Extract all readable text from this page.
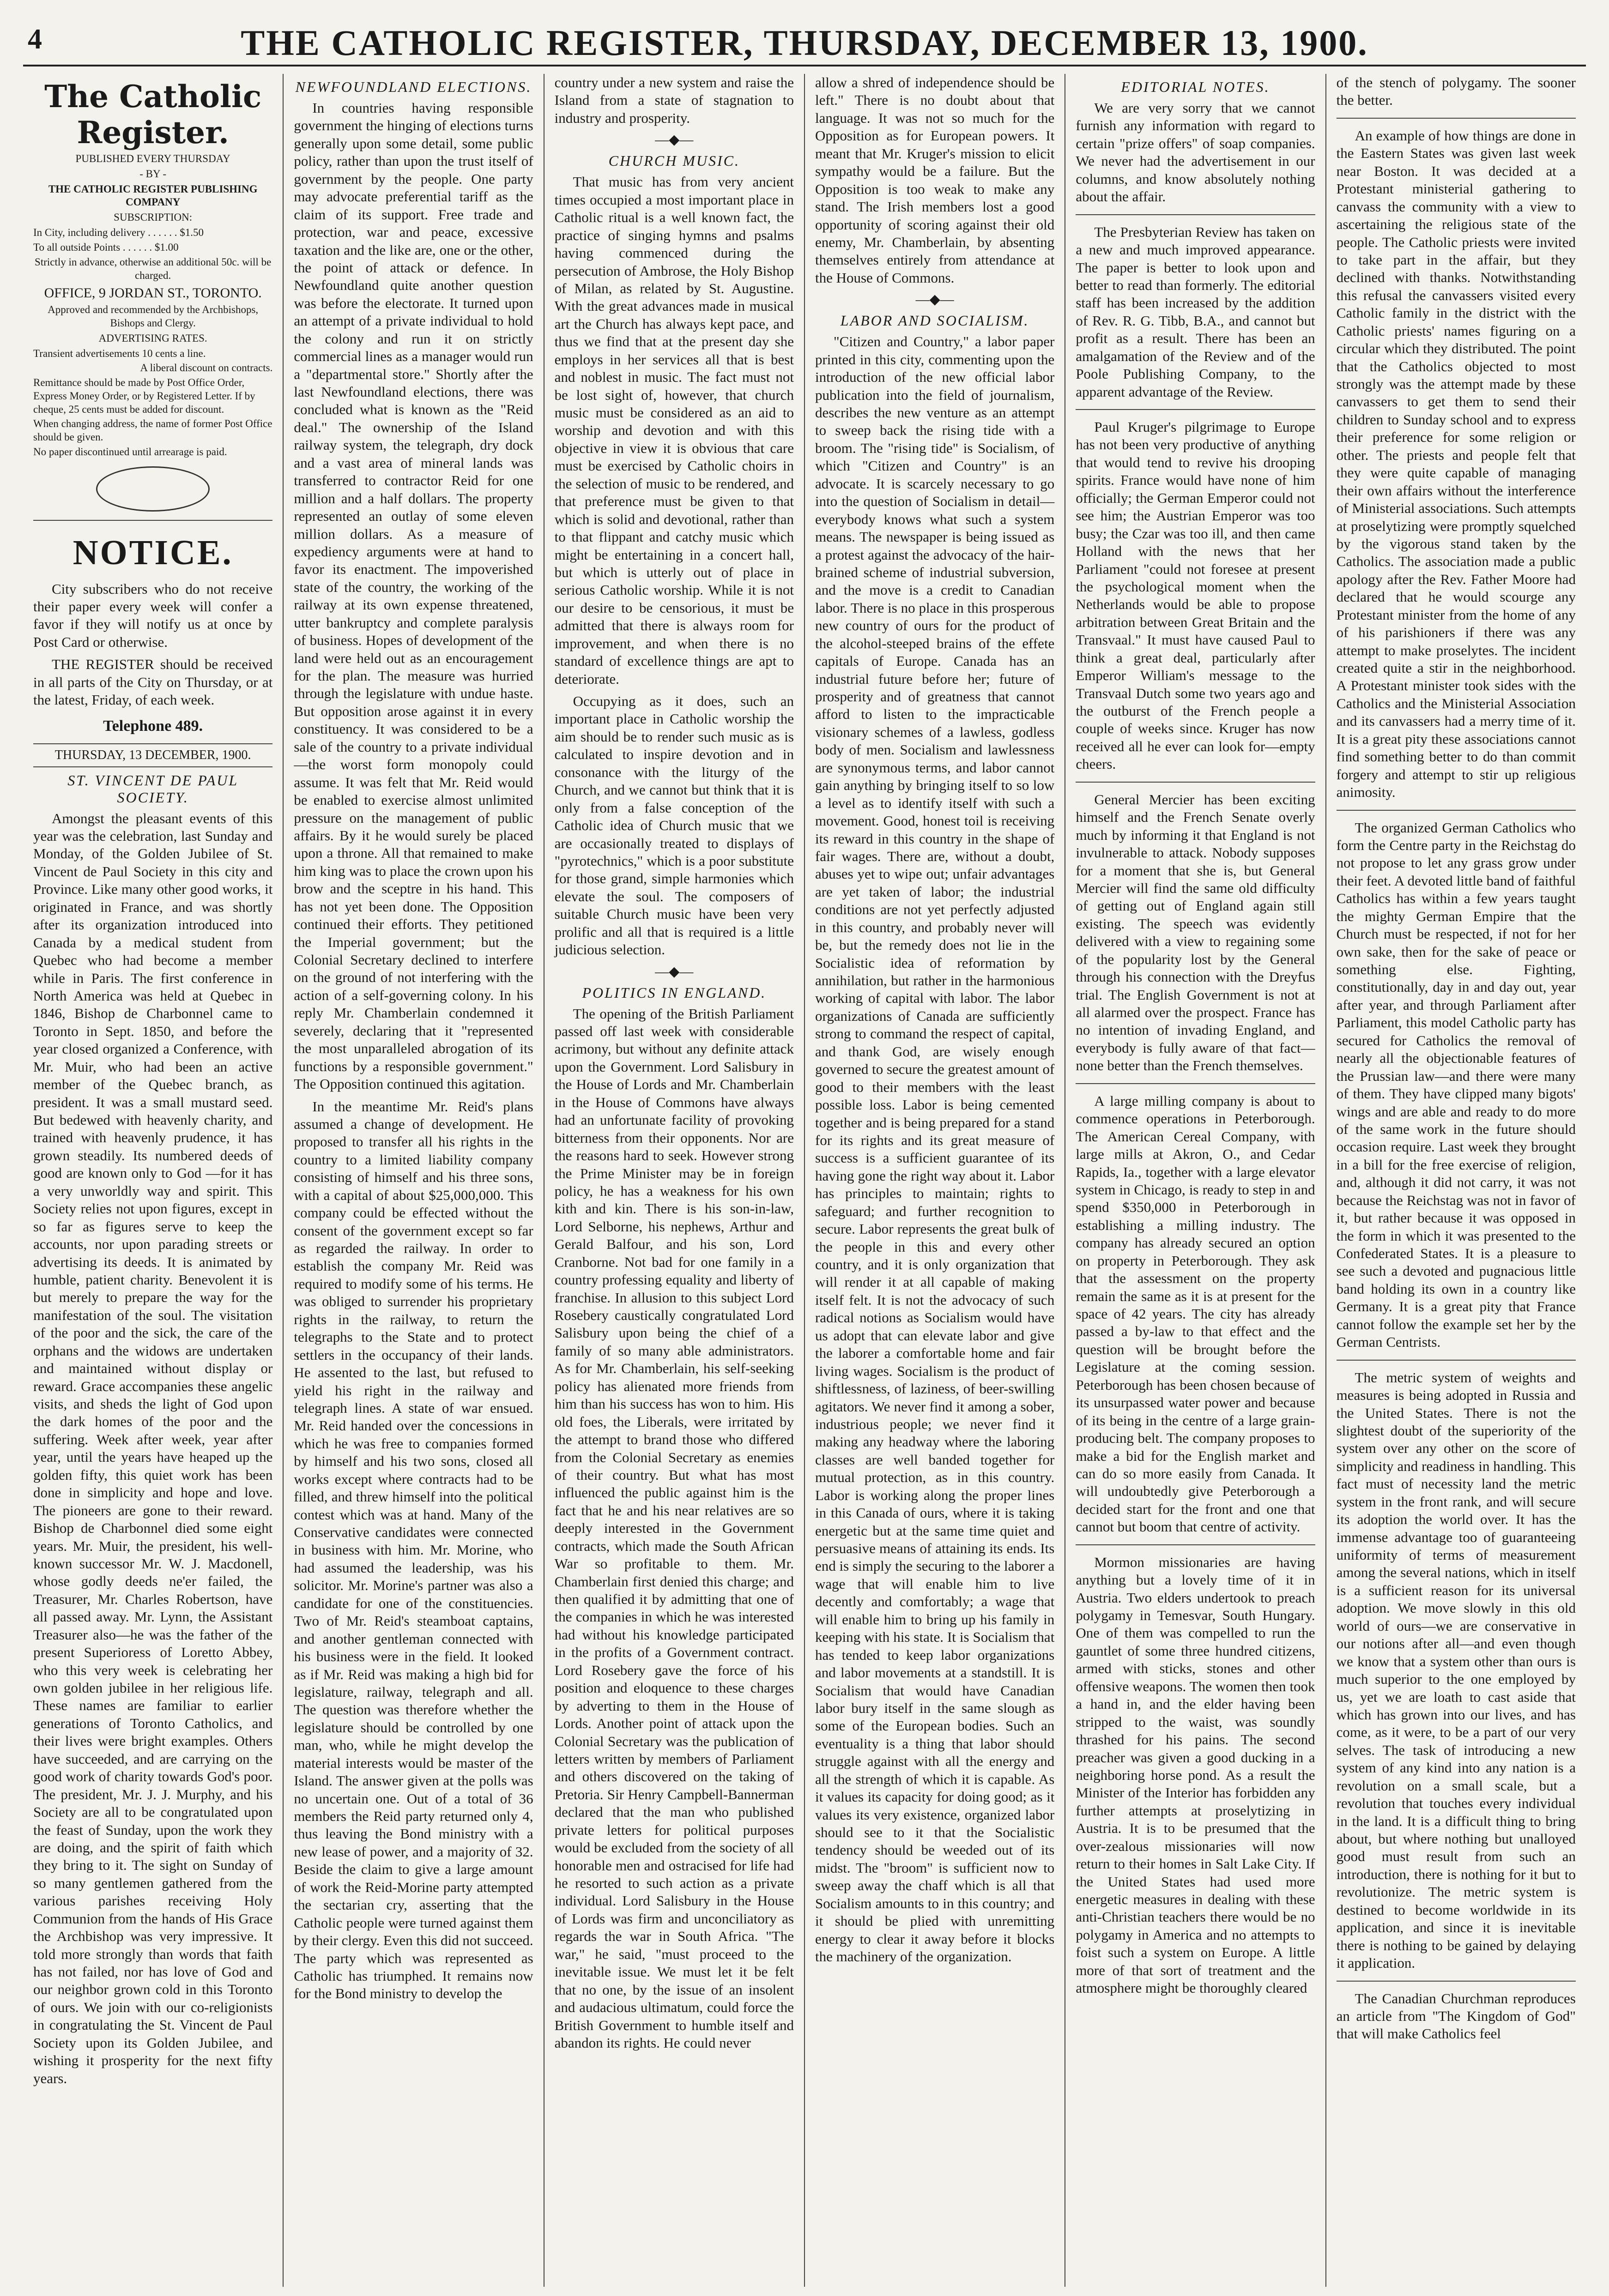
4	THE CATHOLIC REGISTER, THURSDAY, DECEMBER 13, 1900.
The Catholic Register.
PUBLISHED EVERY THURSDAY
- BY -
THE CATHOLIC REGISTER PUBLISHING COMPANY
SUBSCRIPTION:
In City, including delivery . . . . . . $1.50
To all outside Points . . . . . . $1.00
Strictly in advance, otherwise an additional 50c. will be charged.
OFFICE, 9 JORDAN ST., TORONTO.
Approved and recommended by the Archbishops, Bishops and Clergy.
ADVERTISING RATES.
Transient advertisements 10 cents a line.
A liberal discount on contracts.
Remittance should be made by Post Office Order, Express Money Order, or by Registered Letter. If by cheque, 25 cents must be added for discount.
When changing address, the name of former Post Office should be given.
No paper discontinued until arrearage is paid.
NOTICE.

City subscribers who do not receive their paper every week will confer a favor if they will notify us at once by Post Card or otherwise.

THE REGISTER should be received in all parts of the City on Thursday, or at the latest, Friday, of each week.

Telephone 489.
THURSDAY, 13 DECEMBER, 1900.
ST. VINCENT DE PAUL SOCIETY.

Amongst the pleasant events of this year was the celebration, last Sunday and Monday, of the Golden Jubilee of St. Vincent de Paul Society in this city and Province. Like many other good works, it originated in France, and was shortly after its organization introduced into Canada by a medical student from Quebec who had become a member while in Paris. The first conference in North America was held at Quebec in 1846, Bishop de Charbonnel came to Toronto in Sept. 1850, and before the year closed organized a Conference, with Mr. Muir, who had been an active member of the Quebec branch, as president. It was a small mustard seed. But bedewed with heavenly charity, and trained with heavenly prudence, it has grown steadily. Its numbered deeds of good are known only to God —for it has a very unworldly way and spirit. This Society relies not upon figures, except in so far as figures serve to keep the accounts, nor upon parading streets or advertising its deeds. It is animated by humble, patient charity. Benevolent it is but merely to prepare the way for the manifestation of the soul. The visitation of the poor and the sick, the care of the orphans and the widows are undertaken and maintained without display or reward. Grace accompanies these angelic visits, and sheds the light of God upon the dark homes of the poor and the suffering. Week after week, year after year, until the years have heaped up the golden fifty, this quiet work has been done in simplicity and hope and love. The pioneers are gone to their reward. Bishop de Charbonnel died some eight years. Mr. Muir, the president, his well-known successor Mr. W. J. Macdonell, whose godly deeds ne'er failed, the Treasurer, Mr. Charles Robertson, have all passed away. Mr. Lynn, the Assistant Treasurer also—he was the father of the present Superioress of Loretto Abbey, who this very week is celebrating her own golden jubilee in her religious life. These names are familiar to earlier generations of Toronto Catholics, and their lives were bright examples. Others have succeeded, and are carrying on the good work of charity towards God's poor. The president, Mr. J. J. Murphy, and his Society are all to be congratulated upon the feast of Sunday, upon the work they are doing, and the spirit of faith which they bring to it. The sight on Sunday of so many gentlemen gathered from the various parishes receiving Holy Communion from the hands of His Grace the Archbishop was very impressive. It told more strongly than words that faith has not failed, nor has love of God and our neighbor grown cold in this Toronto of ours. We join with our co-religionists in congratulating the St. Vincent de Paul Society upon its Golden Jubilee, and wishing it prosperity for the next fifty years.

NEWFOUNDLAND ELECTIONS.

In countries having responsible government the hinging of elections turns generally upon some detail, some public policy, rather than upon the trust itself of government by the people. One party may advocate preferential tariff as the claim of its support. Free trade and protection, war and peace, excessive taxation and the like are, one or the other, the point of attack or defence. In Newfoundland quite another question was before the electorate. It turned upon an attempt of a private individual to hold the colony and run it on strictly commercial lines as a manager would run a "departmental store." Shortly after the last Newfoundland elections, there was concluded what is known as the "Reid deal." The ownership of the Island railway system, the telegraph, dry dock and a vast area of mineral lands was transferred to contractor Reid for one million and a half dollars. The property represented an outlay of some eleven million dollars. As a measure of expediency arguments were at hand to favor its enactment. The impoverished state of the country, the working of the railway at its own expense threatened, utter bankruptcy and complete paralysis of business. Hopes of development of the land were held out as an encouragement for the plan. The measure was hurried through the legislature with undue haste. But opposition arose against it in every constituency. It was considered to be a sale of the country to a private individual—the worst form monopoly could assume. It was felt that Mr. Reid would be enabled to exercise almost unlimited pressure on the management of public affairs. By it he would surely be placed upon a throne. All that remained to make him king was to place the crown upon his brow and the sceptre in his hand. This has not yet been done. The Opposition continued their efforts. They petitioned the Imperial government; but the Colonial Secretary declined to interfere on the ground of not interfering with the action of a self-governing colony. In his reply Mr. Chamberlain condemned it severely, declaring that it "represented the most unparalleled abrogation of its functions by a responsible government." The Opposition continued this agitation.

In the meantime Mr. Reid's plans assumed a change of development. He proposed to transfer all his rights in the country to a limited liability company consisting of himself and his three sons, with a capital of about $25,000,000. This company could be effected without the consent of the government except so far as regarded the railway. In order to establish the company Mr. Reid was required to modify some of his terms. He was obliged to surrender his proprietary rights in the railway, to return the telegraphs to the State and to protect settlers in the occupancy of their lands. He assented to the last, but refused to yield his right in the railway and telegraph lines. A state of war ensued. Mr. Reid handed over the concessions in which he was free to companies formed by himself and his two sons, closed all works except where contracts had to be filled, and threw himself into the political contest which was at hand. Many of the Conservative candidates were connected in business with him. Mr. Morine, who had assumed the leadership, was his solicitor. Mr. Morine's partner was also a candidate for one of the constituencies. Two of Mr. Reid's steamboat captains, and another gentleman connected with his business were in the field. It looked as if Mr. Reid was making a high bid for legislature, railway, telegraph and all. The question was therefore whether the legislature should be controlled by one man, who, while he might develop the material interests would be master of the Island. The answer given at the polls was no uncertain one. Out of a total of 36 members the Reid party returned only 4, thus leaving the Bond ministry with a new lease of power, and a majority of 32. Beside the claim to give a large amount of work the Reid-Morine party attempted the sectarian cry, asserting that the Catholic people were turned against them by their clergy. Even this did not succeed. The party which was represented as Catholic has triumphed. It remains now for the Bond ministry to develop the

country under a new system and raise the Island from a state of stagnation to industry and prosperity.

—◆—
CHURCH MUSIC.

That music has from very ancient times occupied a most important place in Catholic ritual is a well known fact, the practice of singing hymns and psalms having commenced during the persecution of Ambrose, the Holy Bishop of Milan, as related by St. Augustine. With the great advances made in musical art the Church has always kept pace, and thus we find that at the present day she employs in her services all that is best and noblest in music. The fact must not be lost sight of, however, that church music must be considered as an aid to worship and devotion and with this objective in view it is obvious that care must be exercised by Catholic choirs in the selection of music to be rendered, and that preference must be given to that which is solid and devotional, rather than to that flippant and catchy music which might be entertaining in a concert hall, but which is utterly out of place in serious Catholic worship. While it is not our desire to be censorious, it must be admitted that there is always room for improvement, and when there is no standard of excellence things are apt to deteriorate.

Occupying as it does, such an important place in Catholic worship the aim should be to render such music as is calculated to inspire devotion and in consonance with the liturgy of the Church, and we cannot but think that it is only from a false conception of the Catholic idea of Church music that we are occasionally treated to displays of "pyrotechnics," which is a poor substitute for those grand, simple harmonies which elevate the soul. The composers of suitable Church music have been very prolific and all that is required is a little judicious selection.

—◆—
POLITICS IN ENGLAND.

The opening of the British Parliament passed off last week with considerable acrimony, but without any definite attack upon the Government. Lord Salisbury in the House of Lords and Mr. Chamberlain in the House of Commons have always had an unfortunate facility of provoking bitterness from their opponents. Nor are the reasons hard to seek. However strong the Prime Minister may be in foreign policy, he has a weakness for his own kith and kin. There is his son-in-law, Lord Selborne, his nephews, Arthur and Gerald Balfour, and his son, Lord Cranborne. Not bad for one family in a country professing equality and liberty of franchise. In allusion to this subject Lord Rosebery caustically congratulated Lord Salisbury upon being the chief of a family of so many able administrators. As for Mr. Chamberlain, his self-seeking policy has alienated more friends from him than his success has won to him. His old foes, the Liberals, were irritated by the attempt to brand those who differed from the Colonial Secretary as enemies of their country. But what has most influenced the public against him is the fact that he and his near relatives are so deeply interested in the Government contracts, which made the South African War so profitable to them. Mr. Chamberlain first denied this charge; and then qualified it by admitting that one of the companies in which he was interested had without his knowledge participated in the profits of a Government contract. Lord Rosebery gave the force of his position and eloquence to these charges by adverting to them in the House of Lords. Another point of attack upon the Colonial Secretary was the publication of letters written by members of Parliament and others discovered on the taking of Pretoria. Sir Henry Campbell-Bannerman declared that the man who published private letters for political purposes would be excluded from the society of all honorable men and ostracised for life had he resorted to such action as a private individual. Lord Salisbury in the House of Lords was firm and unconciliatory as regards the war in South Africa. "The war," he said, "must proceed to the inevitable issue. We must let it be felt that no one, by the issue of an insolent and audacious ultimatum, could force the British Government to humble itself and abandon its rights. He could never

allow a shred of independence should be left." There is no doubt about that language. It was not so much for the Opposition as for European powers. It meant that Mr. Kruger's mission to elicit sympathy would be a failure. But the Opposition is too weak to make any stand. The Irish members lost a good opportunity of scoring against their old enemy, Mr. Chamberlain, by absenting themselves entirely from attendance at the House of Commons.

—◆—
LABOR AND SOCIALISM.

"Citizen and Country," a labor paper printed in this city, commenting upon the introduction of the new official labor publication into the field of journalism, describes the new venture as an attempt to sweep back the rising tide with a broom. The "rising tide" is Socialism, of which "Citizen and Country" is an advocate. It is scarcely necessary to go into the question of Socialism in detail—everybody knows what such a system means. The newspaper is being issued as a protest against the advocacy of the hair-brained scheme of industrial subversion, and the move is a credit to Canadian labor. There is no place in this prosperous new country of ours for the product of the alcohol-steeped brains of the effete capitals of Europe. Canada has an industrial future before her; future of prosperity and of greatness that cannot afford to listen to the impracticable visionary schemes of a lawless, godless body of men. Socialism and lawlessness are synonymous terms, and labor cannot gain anything by bringing itself to so low a level as to identify itself with such a movement. Good, honest toil is receiving its reward in this country in the shape of fair wages. There are, without a doubt, abuses yet to wipe out; unfair advantages are yet taken of labor; the industrial conditions are not yet perfectly adjusted in this country, and probably never will be, but the remedy does not lie in the Socialistic idea of reformation by annihilation, but rather in the harmonious working of capital with labor. The labor organizations of Canada are sufficiently strong to command the respect of capital, and thank God, are wisely enough governed to secure the greatest amount of good to their members with the least possible loss. Labor is being cemented together and is being prepared for a stand for its rights and its great measure of success is a sufficient guarantee of its having gone the right way about it. Labor has principles to maintain; rights to safeguard; and further recognition to secure. Labor represents the great bulk of the people in this and every other country, and it is only organization that will render it at all capable of making itself felt. It is not the advocacy of such radical notions as Socialism would have us adopt that can elevate labor and give the laborer a comfortable home and fair living wages. Socialism is the product of shiftlessness, of laziness, of beer-swilling agitators. We never find it among a sober, industrious people; we never find it making any headway where the laboring classes are well banded together for mutual protection, as in this country. Labor is working along the proper lines in this Canada of ours, where it is taking energetic but at the same time quiet and persuasive means of attaining its ends. Its end is simply the securing to the laborer a wage that will enable him to live decently and comfortably; a wage that will enable him to bring up his family in keeping with his state. It is Socialism that has tended to keep labor organizations and labor movements at a standstill. It is Socialism that would have Canadian labor bury itself in the same slough as some of the European bodies. Such an eventuality is a thing that labor should struggle against with all the energy and all the strength of which it is capable. As it values its capacity for doing good; as it values its very existence, organized labor should see to it that the Socialistic tendency should be weeded out of its midst. The "broom" is sufficient now to sweep away the chaff which is all that Socialism amounts to in this country; and it should be plied with unremitting energy to clear it away before it blocks the machinery of the organization.

EDITORIAL NOTES.

We are very sorry that we cannot furnish any information with regard to certain "prize offers" of soap companies. We never had the advertisement in our columns, and know absolutely nothing about the affair.

The Presbyterian Review has taken on a new and much improved appearance. The paper is better to look upon and better to read than formerly. The editorial staff has been increased by the addition of Rev. R. G. Tibb, B.A., and cannot but profit as a result. There has been an amalgamation of the Review and of the Poole Publishing Company, to the apparent advantage of the Review.

Paul Kruger's pilgrimage to Europe has not been very productive of anything that would tend to revive his drooping spirits. France would have none of him officially; the German Emperor could not see him; the Austrian Emperor was too busy; the Czar was too ill, and then came Holland with the news that her Parliament "could not foresee at present the psychological moment when the Netherlands would be able to propose arbitration between Great Britain and the Transvaal." It must have caused Paul to think a great deal, particularly after Emperor William's message to the Transvaal Dutch some two years ago and the outburst of the French people a couple of weeks since. Kruger has now received all he ever can look for—empty cheers.

General Mercier has been exciting himself and the French Senate overly much by informing it that England is not invulnerable to attack. Nobody supposes for a moment that she is, but General Mercier will find the same old difficulty of getting out of England again still existing. The speech was evidently delivered with a view to regaining some of the popularity lost by the General through his connection with the Dreyfus trial. The English Government is not at all alarmed over the prospect. France has no intention of invading England, and everybody is fully aware of that fact—none better than the French themselves.

A large milling company is about to commence operations in Peterborough. The American Cereal Company, with large mills at Akron, O., and Cedar Rapids, Ia., together with a large elevator system in Chicago, is ready to step in and spend $350,000 in Peterborough in establishing a milling industry. The company has already secured an option on property in Peterborough. They ask that the assessment on the property remain the same as it is at present for the space of 42 years. The city has already passed a by-law to that effect and the question will be brought before the Legislature at the coming session. Peterborough has been chosen because of its unsurpassed water power and because of its being in the centre of a large grain-producing belt. The company proposes to make a bid for the English market and can do so more easily from Canada. It will undoubtedly give Peterborough a decided start for the front and one that cannot but boom that centre of activity.

Mormon missionaries are having anything but a lovely time of it in Austria. Two elders undertook to preach polygamy in Temesvar, South Hungary. One of them was compelled to run the gauntlet of some three hundred citizens, armed with sticks, stones and other offensive weapons. The women then took a hand in, and the elder having been stripped to the waist, was soundly thrashed for his pains. The second preacher was given a good ducking in a neighboring horse pond. As a result the Minister of the Interior has forbidden any further attempts at proselytizing in Austria. It is to be presumed that the over-zealous missionaries will now return to their homes in Salt Lake City. If the United States had used more energetic measures in dealing with these anti-Christian teachers there would be no polygamy in America and no attempts to foist such a system on Europe. A little more of that sort of treatment and the atmosphere might be thoroughly cleared

of the stench of polygamy. The sooner the better.

An example of how things are done in the Eastern States was given last week near Boston. It was decided at a Protestant ministerial gathering to canvass the community with a view to ascertaining the religious state of the people. The Catholic priests were invited to take part in the affair, but they declined with thanks. Notwithstanding this refusal the canvassers visited every Catholic family in the district with the Catholic priests' names figuring on a circular which they distributed. The point that the Catholics objected to most strongly was the attempt made by these canvassers to get them to send their children to Sunday school and to express their preference for some religion or other. The priests and people felt that they were quite capable of managing their own affairs without the interference of Ministerial associations. Such attempts at proselytizing were promptly squelched by the vigorous stand taken by the Catholics. The association made a public apology after the Rev. Father Moore had declared that he would scourge any Protestant minister from the home of any of his parishioners if there was any attempt to make proselytes. The incident created quite a stir in the neighborhood. A Protestant minister took sides with the Catholics and the Ministerial Association and its canvassers had a merry time of it. It is a great pity these associations cannot find something better to do than commit forgery and attempt to stir up religious animosity.

The organized German Catholics who form the Centre party in the Reichstag do not propose to let any grass grow under their feet. A devoted little band of faithful Catholics has within a few years taught the mighty German Empire that the Church must be respected, if not for her own sake, then for the sake of peace or something else. Fighting, constitutionally, day in and day out, year after year, and through Parliament after Parliament, this model Catholic party has secured for Catholics the removal of nearly all the objectionable features of the Prussian law—and there were many of them. They have clipped many bigots' wings and are able and ready to do more of the same work in the future should occasion require. Last week they brought in a bill for the free exercise of religion, and, although it did not carry, it was not because the Reichstag was not in favor of it, but rather because it was opposed in the form in which it was presented to the Confederated States. It is a pleasure to see such a devoted and pugnacious little band holding its own in a country like Germany. It is a great pity that France cannot follow the example set her by the German Centrists.

The metric system of weights and measures is being adopted in Russia and the United States. There is not the slightest doubt of the superiority of the system over any other on the score of simplicity and readiness in handling. This fact must of necessity land the metric system in the front rank, and will secure its adoption the world over. It has the immense advantage too of guaranteeing uniformity of terms of measurement among the several nations, which in itself is a sufficient reason for its universal adoption. We move slowly in this old world of ours—we are conservative in our notions after all—and even though we know that a system other than ours is much superior to the one employed by us, yet we are loath to cast aside that which has grown into our lives, and has come, as it were, to be a part of our very selves. The task of introducing a new system of any kind into any nation is a revolution on a small scale, but a revolution that touches every individual in the land. It is a difficult thing to bring about, but where nothing but unalloyed good must result from such an introduction, there is nothing for it but to revolutionize. The metric system is destined to become worldwide in its application, and since it is inevitable there is nothing to be gained by delaying it application.

The Canadian Churchman reproduces an article from "The Kingdom of God" that will make Catholics feel
